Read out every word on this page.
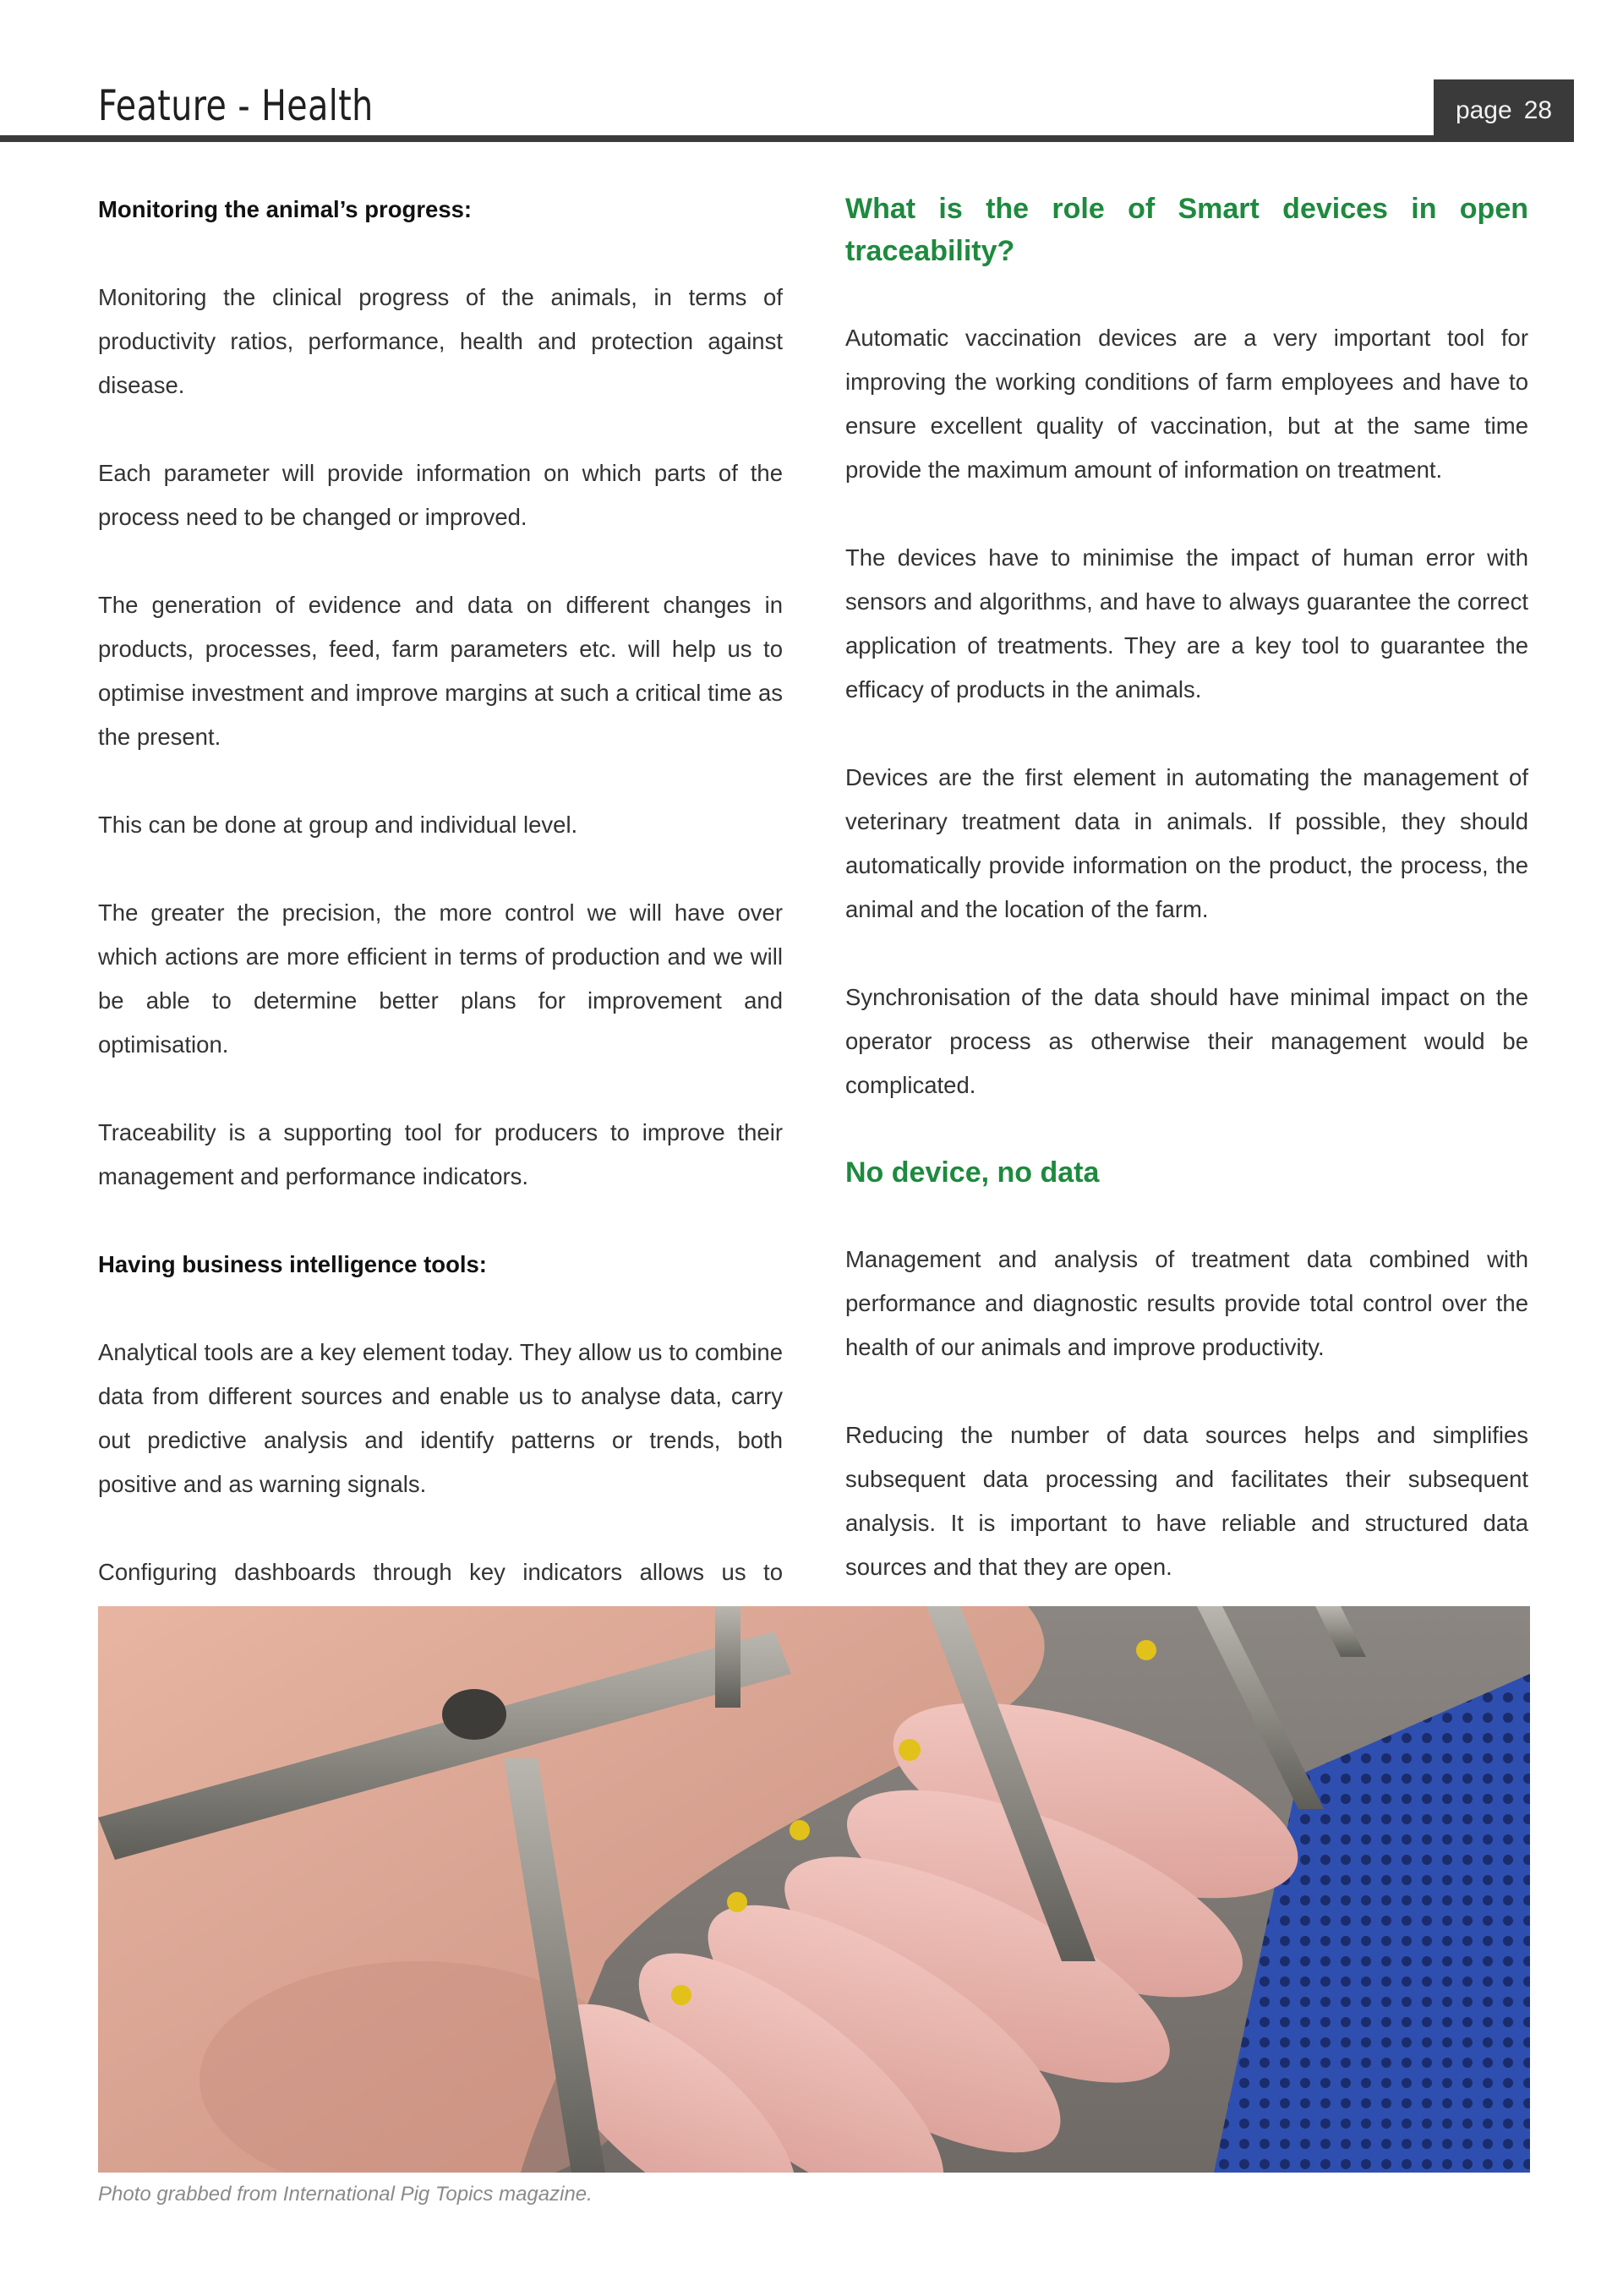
Feature - Health	page 28

Monitoring the animal’s progress:

Monitoring the clinical progress of the animals, in terms of productivity ratios, performance, health and protection against disease.

Each parameter will provide information on which parts of the process need to be changed or improved.

The generation of evidence and data on different changes in products, processes, feed, farm parameters etc. will help us to optimise investment and improve margins at such a critical time as the present.

This can be done at group and individual level.

The greater the precision, the more control we will have over which actions are more efficient in terms of production and we will be able to determine better plans for improvement and optimisation.

Traceability is a supporting tool for producers to improve their management and performance indicators.

Having business intelligence tools:

Analytical tools are a key element today. They allow us to combine data from different sources and enable us to analyse data, carry out predictive analysis and identify patterns or trends, both positive and as warning signals.

Configuring dashboards through key indicators allows us to

What is the role of Smart devices in open traceability?

Automatic vaccination devices are a very important tool for improving the working conditions of farm employees and have to ensure excellent quality of vaccination, but at the same time provide the maximum amount of information on treatment.

The devices have to minimise the impact of human error with sensors and algorithms, and have to always guarantee the correct application of treatments. They are a key tool to guarantee the efficacy of products in the animals.

Devices are the first element in automating the management of veterinary treatment data in animals. If possible, they should automatically provide information on the product, the process, the animal and the location of the farm.

Synchronisation of the data should have minimal impact on the operator process as otherwise their management would be complicated.

No device, no data

Management and analysis of treatment data combined with performance and diagnostic results provide total control over the health of our animals and improve productivity.

Reducing the number of data sources helps and simplifies subsequent data processing and facilitates their subsequent analysis. It is important to have reliable and structured data sources and that they are open.

Photo grabbed from International Pig Topics magazine.
